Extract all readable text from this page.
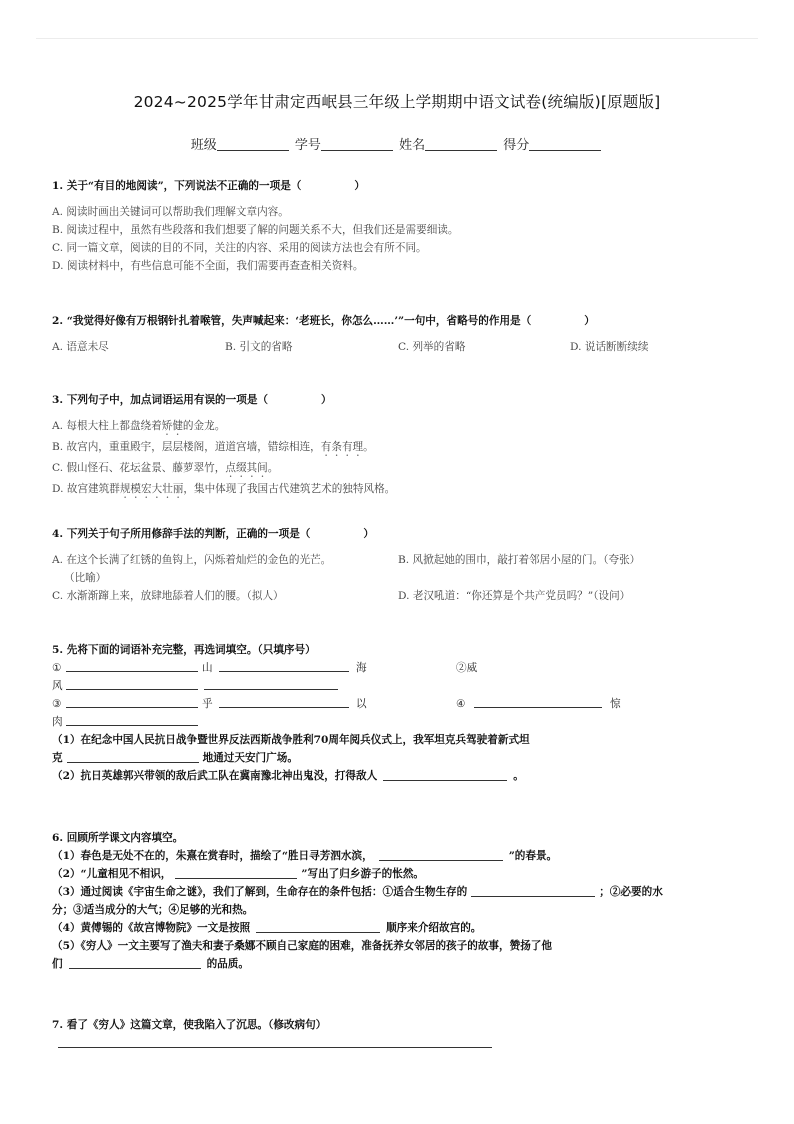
2024~2025学年甘肃定西岷县三年级上学期期中语文试卷(统编版)[原题版]
班级	学号	姓名	得分
1. 关于“有目的地阅读”，下列说法不正确的一项是（　　　　　）
A. 阅读时画出关键词可以帮助我们理解文章内容。
B. 阅读过程中，虽然有些段落和我们想要了解的问题关系不大，但我们还是需要细读。
C. 同一篇文章，阅读的目的不同，关注的内容、采用的阅读方法也会有所不同。
D. 阅读材料中，有些信息可能不全面，我们需要再查查相关资料。
2. “我觉得好像有万根钢针扎着喉管，失声喊起来：‘老班长，你怎么……’”一句中，省略号的作用是（　　　　　）
A. 语意未尽	B. 引文的省略	C. 列举的省略	D. 说话断断续续
3. 下列句子中，加点词语运用有误的一项是（　　　　　）
A. 每根大柱上都盘绕着矫健的金龙。
B. 故宫内，重重殿宇，层层楼阁，道道宫墙，错综相连，有条有理。
C. 假山怪石、花坛盆景、藤萝翠竹，点缀其间。
D. 故宫建筑群规模宏大壮丽，集中体现了我国古代建筑艺术的独特风格。
4. 下列关于句子所用修辞手法的判断，正确的一项是（　　　　　）
A. 在这个长满了红锈的鱼钩上，闪烁着灿烂的金色的光芒。	B. 风掀起她的围巾，敲打着邻居小屋的门。（夸张）
（比喻）
C. 水渐渐蹿上来，放肆地舔着人们的腰。（拟人）	D. 老汉吼道：“你还算是个共产党员吗？”（设问）
5. 先将下面的词语补充完整，再选词填空。（只填序号）
①	山	海	②威
风
③	乎	以	④	惊
肉
（1）在纪念中国人民抗日战争暨世界反法西斯战争胜利70周年阅兵仪式上，我军坦克兵驾驶着新式坦
克	地通过天安门广场。
（2）抗日英雄郭兴带领的敌后武工队在冀南豫北神出鬼没，打得敌人	。
6. 回顾所学课文内容填空。
（1）春色是无处不在的，朱熹在赏春时，描绘了“胜日寻芳泗水滨，	”的春景。
（2）“儿童相见不相识，	”写出了归乡游子的怅然。
（3）通过阅读《宇宙生命之谜》，我们了解到，生命存在的条件包括：①适合生物生存的	；②必要的水
分；③适当成分的大气；④足够的光和热。
（4）黄傅锡的《故宫博物院》一文是按照	顺序来介绍故宫的。
（5）《穷人》一文主要写了渔夫和妻子桑娜不顾自己家庭的困难，准备抚养女邻居的孩子的故事，赞扬了他
们	的品质。
7. 看了《穷人》这篇文章，使我陷入了沉思。（修改病句）
